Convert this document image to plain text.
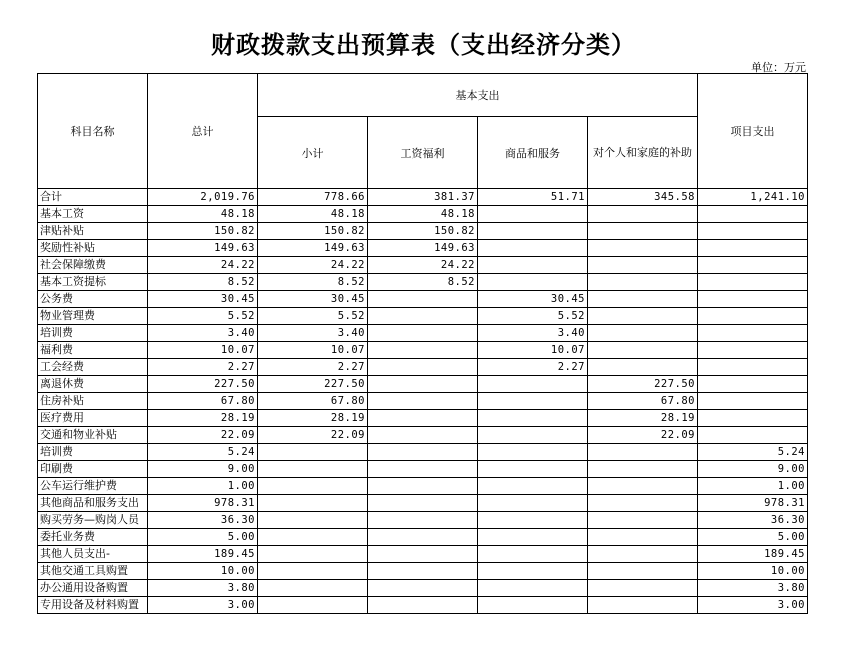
财政拨款支出预算表（支出经济分类）
单位：万元
科目名称	总计	基本支出				项目支出
		小计	工资福利	商品和服务	对个人和家庭的补助	
合计	2,019.76	778.66	381.37	51.71	345.58	1,241.10
基本工资	48.18	48.18	48.18			
津贴补贴	150.82	150.82	150.82			
奖励性补贴	149.63	149.63	149.63			
社会保障缴费	24.22	24.22	24.22			
基本工资提标	8.52	8.52	8.52			
公务费	30.45	30.45		30.45		
物业管理费	5.52	5.52		5.52		
培训费	3.40	3.40		3.40		
福利费	10.07	10.07		10.07		
工会经费	2.27	2.27		2.27		
离退休费	227.50	227.50			227.50	
住房补贴	67.80	67.80			67.80	
医疗费用	28.19	28.19			28.19	
交通和物业补贴	22.09	22.09			22.09	
培训费	5.24					5.24
印刷费	9.00					9.00
公车运行维护费	1.00					1.00
其他商品和服务支出	978.31					978.31
购买劳务—购岗人员	36.30					36.30
委托业务费	5.00					5.00
其他人员支出-	189.45					189.45
其他交通工具购置	10.00					10.00
办公通用设备购置	3.80					3.80
专用设备及材料购置	3.00					3.00
